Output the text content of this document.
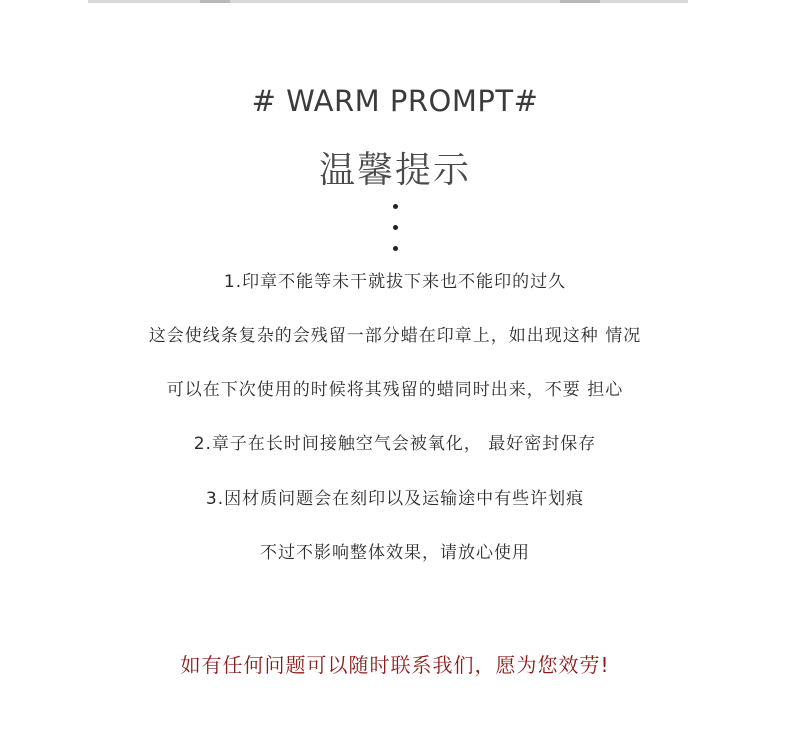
# WARM PROMPT#
温馨提示
1.印章不能等未干就拔下来也不能印的过久
这会使线条复杂的会残留一部分蜡在印章上，如出现这种 情况
可以在下次使用的时候将其残留的蜡同时出来，不要 担心
2.章子在长时间接触空气会被氧化， 最好密封保存
3.因材质问题会在刻印以及运输途中有些许划痕
不过不影响整体效果，请放心使用
如有任何问题可以随时联系我们，愿为您效劳!
